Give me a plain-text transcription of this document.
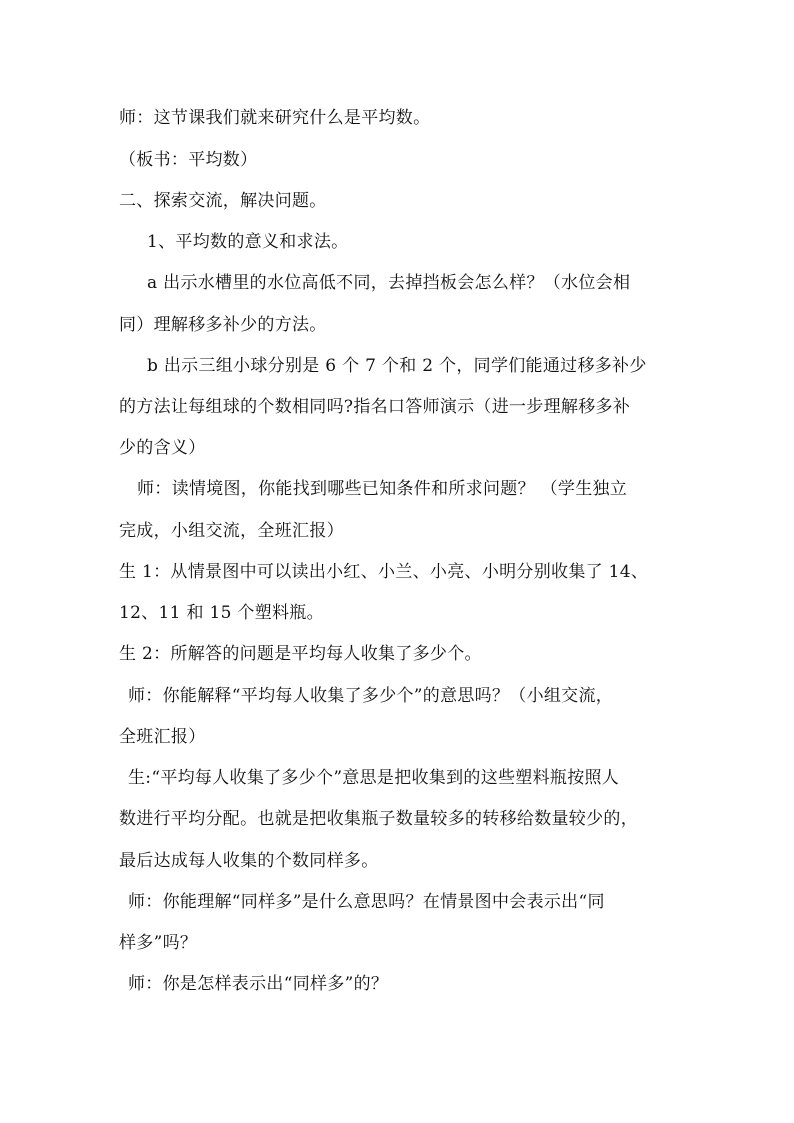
师：这节课我们就来研究什么是平均数。
（板书：平均数）
二、探索交流，解决问题。
1、平均数的意义和求法。
a 出示水槽里的水位高低不同，去掉挡板会怎么样？（水位会相
同）理解移多补少的方法。
b 出示三组小球分别是 6 个 7 个和 2 个，同学们能通过移多补少
的方法让每组球的个数相同吗?指名口答师演示（进一步理解移多补
少的含义）
师：读情境图，你能找到哪些已知条件和所求问题？ （学生独立
完成，小组交流，全班汇报）
生 1：从情景图中可以读出小红、小兰、小亮、小明分别收集了 14、
12、11 和 15 个塑料瓶。
生 2：所解答的问题是平均每人收集了多少个。
师：你能解释“平均每人收集了多少个”的意思吗？（小组交流，
全班汇报）
生:“平均每人收集了多少个”意思是把收集到的这些塑料瓶按照人
数进行平均分配。也就是把收集瓶子数量较多的转移给数量较少的，
最后达成每人收集的个数同样多。
师：你能理解“同样多”是什么意思吗？在情景图中会表示出“同
样多”吗？
师：你是怎样表示出“同样多”的？
